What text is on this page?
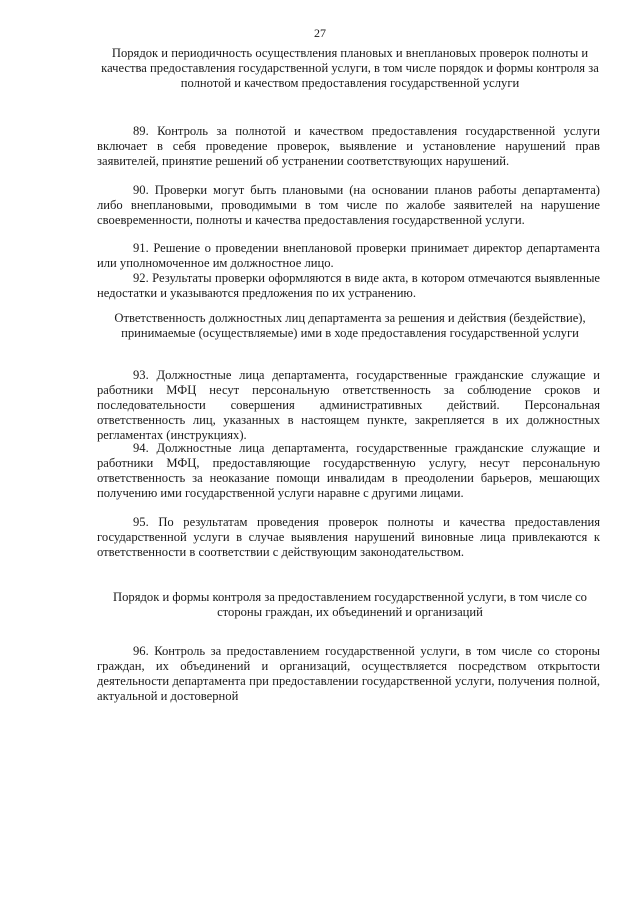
27
Порядок и периодичность осуществления плановых и внеплановых проверок полноты и качества предоставления государственной услуги, в том числе порядок и формы контроля за полнотой и качеством предоставления государственной услуги

89. Контроль за полнотой и качеством предоставления государственной услуги включает в себя проведение проверок, выявление и установление нарушений прав заявителей, принятие решений об устранении соответствующих нарушений.

90. Проверки могут быть плановыми (на основании планов работы департамента) либо внеплановыми, проводимыми в том числе по жалобе заявителей на нарушение своевременности, полноты и качества предоставления государственной услуги.

91. Решение о проведении внеплановой проверки принимает директор департамента или уполномоченное им должностное лицо.

92. Результаты проверки оформляются в виде акта, в котором отмечаются выявленные недостатки и указываются предложения по их устранению.

Ответственность должностных лиц департамента за решения и действия (бездействие), принимаемые (осуществляемые) ими в ходе предоставления государственной услуги

93. Должностные лица департамента, государственные гражданские служащие и работники МФЦ несут персональную ответственность за соблюдение сроков и последовательности совершения административных действий. Персональная ответственность лиц, указанных в настоящем пункте, закрепляется в их должностных регламентах (инструкциях).

94. Должностные лица департамента, государственные гражданские служащие и работники МФЦ, предоставляющие государственную услугу, несут персональную ответственность за неоказание помощи инвалидам в преодолении барьеров, мешающих получению ими государственной услуги наравне с другими лицами.

95. По результатам проведения проверок полноты и качества предоставления государственной услуги в случае выявления нарушений виновные лица привлекаются к ответственности в соответствии с действующим законодательством.

Порядок и формы контроля за предоставлением государственной услуги, в том числе со стороны граждан, их объединений и организаций

96. Контроль за предоставлением государственной услуги, в том числе со стороны граждан, их объединений и организаций, осуществляется посредством открытости деятельности департамента при предоставлении государственной услуги, получения полной, актуальной и достоверной
